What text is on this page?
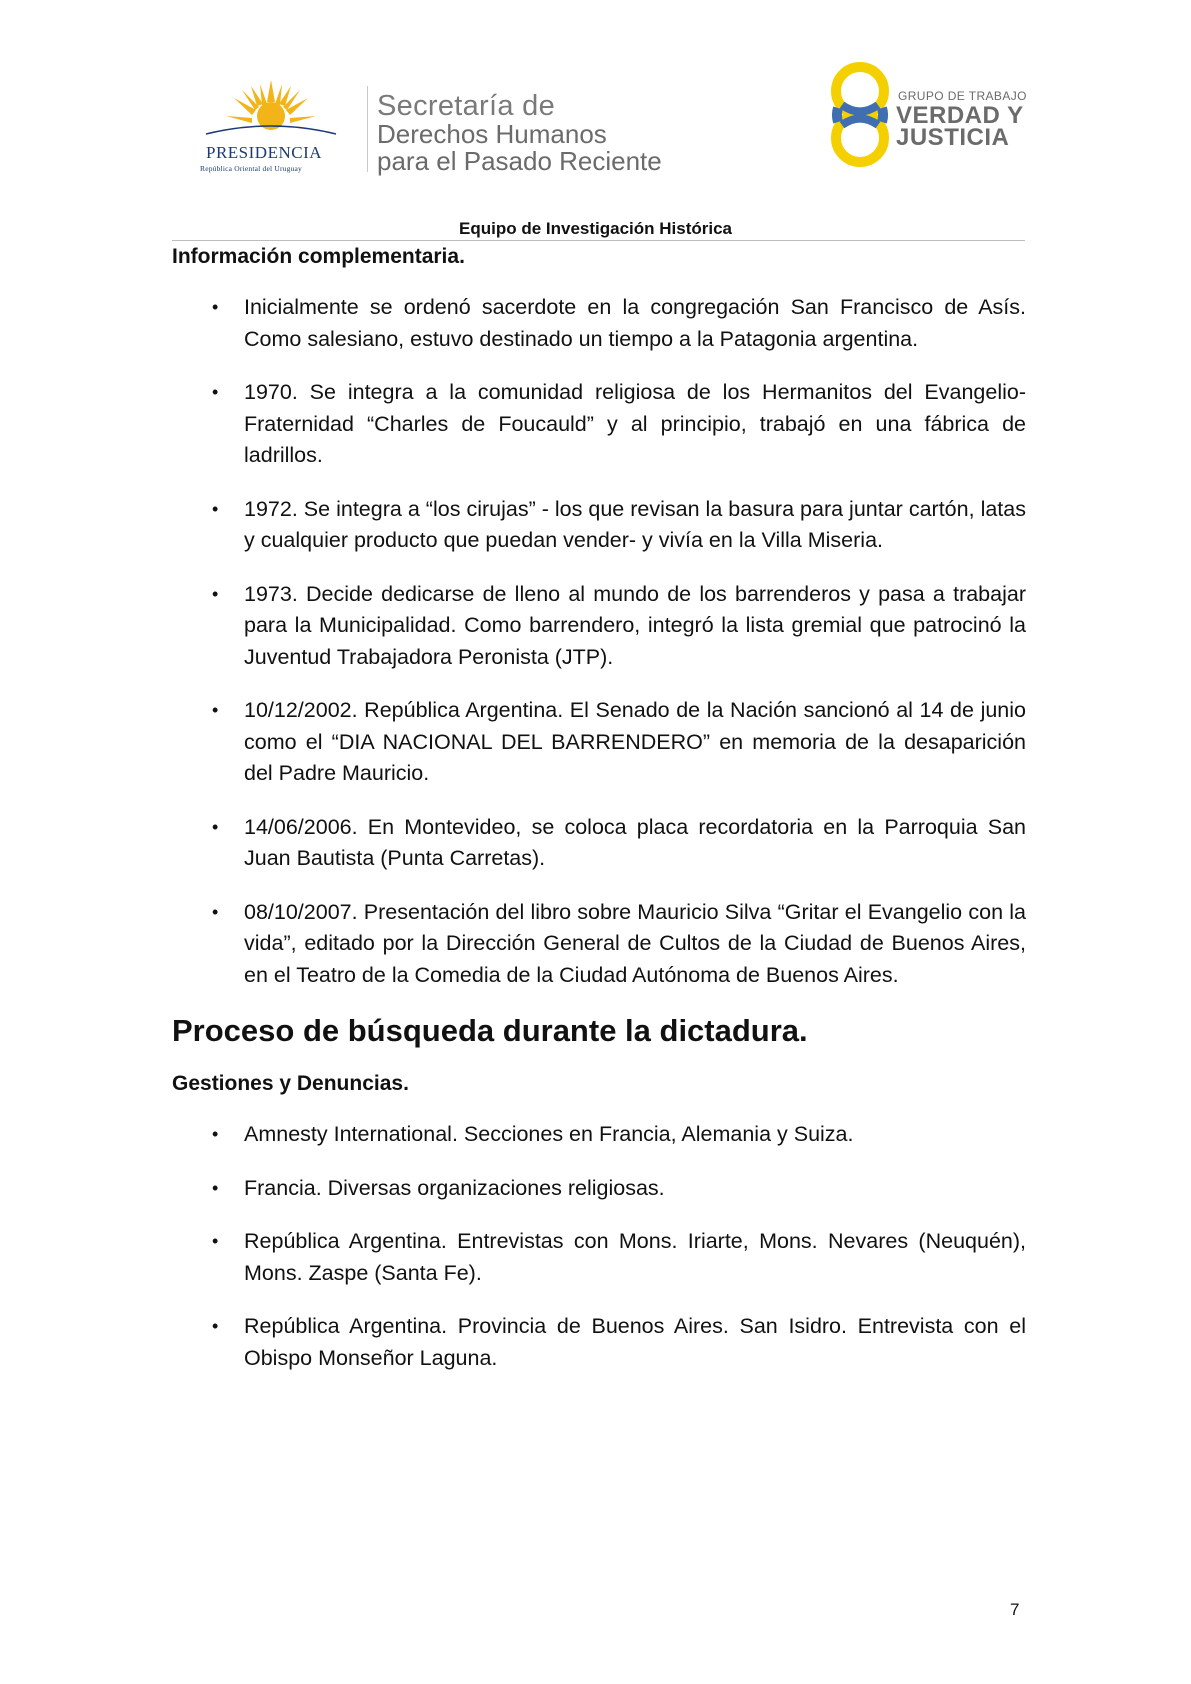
PRESIDENCIA
República Oriental del Uruguay
Secretaría de
Derechos Humanos
para el Pasado Reciente
GRUPO DE TRABAJO
VERDAD Y
JUSTICIA
Equipo de Investigación Histórica
Información complementaria.
• Inicialmente se ordenó sacerdote en la congregación San Francisco de Asís. Como salesiano, estuvo destinado un tiempo a la Patagonia argentina.
• 1970. Se integra a la comunidad religiosa de los Hermanitos del Evangelio-Fraternidad “Charles de Foucauld” y al principio, trabajó en una fábrica de ladrillos.
• 1972. Se integra a “los cirujas” - los que revisan la basura para juntar cartón, latas y cualquier producto que puedan vender- y vivía en la Villa Miseria.
• 1973. Decide dedicarse de lleno al mundo de los barrenderos y pasa a trabajar para la Municipalidad. Como barrendero, integró la lista gremial que patrocinó la Juventud Trabajadora Peronista (JTP).
• 10/12/2002. República Argentina. El Senado de la Nación sancionó al 14 de junio como el “DIA NACIONAL DEL BARRENDERO” en memoria de la desaparición del Padre Mauricio.
• 14/06/2006. En Montevideo, se coloca placa recordatoria en la Parroquia San Juan Bautista (Punta Carretas).
• 08/10/2007. Presentación del libro sobre Mauricio Silva “Gritar el Evangelio con la vida”, editado por la Dirección General de Cultos de la Ciudad de Buenos Aires, en el Teatro de la Comedia de la Ciudad Autónoma de Buenos Aires.
Proceso de búsqueda durante la dictadura.
Gestiones y Denuncias.
• Amnesty International. Secciones en Francia, Alemania y Suiza.
• Francia. Diversas organizaciones religiosas.
• República Argentina. Entrevistas con Mons. Iriarte, Mons. Nevares (Neuquén), Mons. Zaspe (Santa Fe).
• República Argentina. Provincia de Buenos Aires. San Isidro. Entrevista con el Obispo Monseñor Laguna.
7
